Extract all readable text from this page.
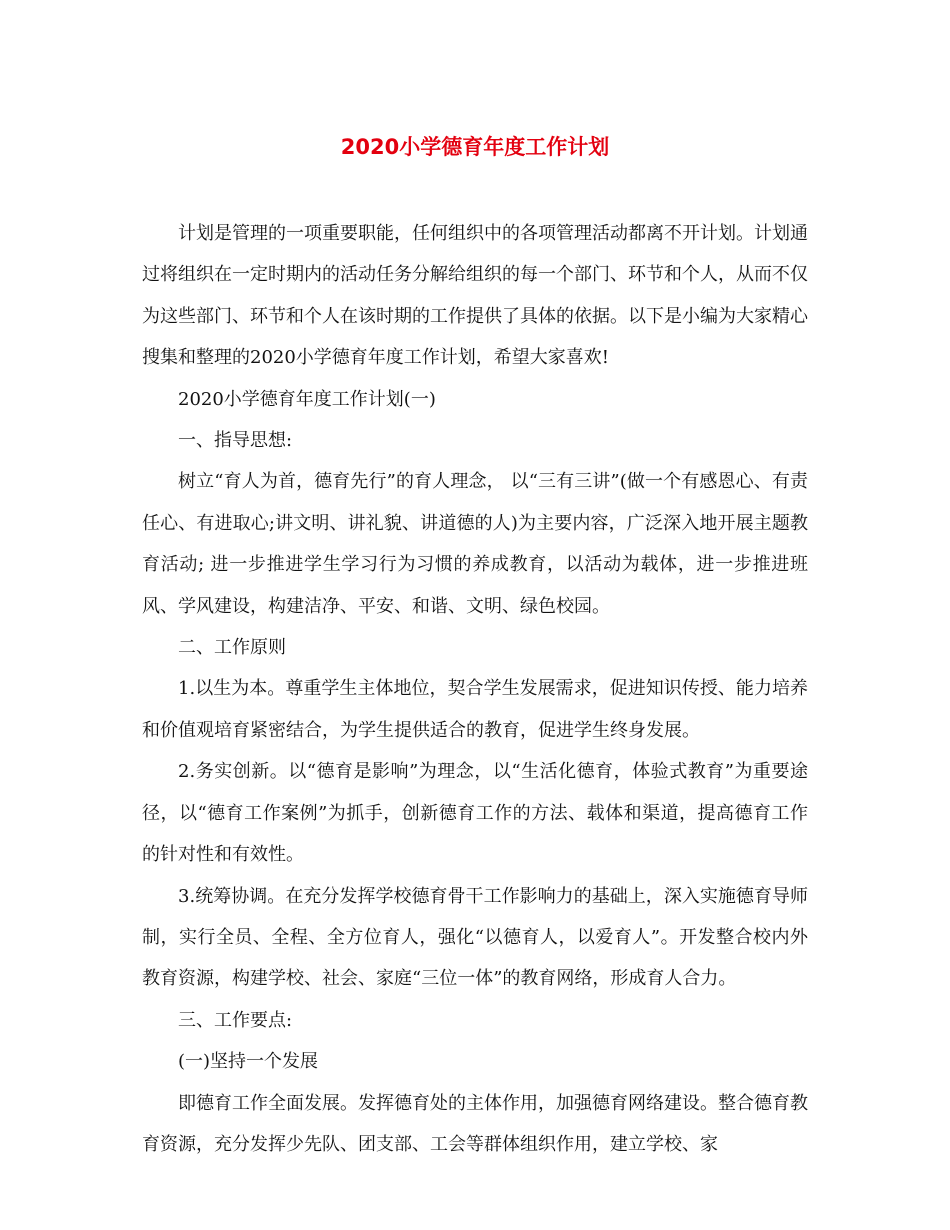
2020小学德育年度工作计划

计划是管理的一项重要职能，任何组织中的各项管理活动都离不开计划。计划通过将组织在一定时期内的活动任务分解给组织的每一个部门、环节和个人，从而不仅为这些部门、环节和个人在该时期的工作提供了具体的依据。以下是小编为大家精心搜集和整理的2020小学德育年度工作计划，希望大家喜欢!

2020小学德育年度工作计划(一)

一、指导思想:

树立“育人为首，德育先行”的育人理念， 以“三有三讲”(做一个有感恩心、有责任心、有进取心;讲文明、讲礼貌、讲道德的人)为主要内容，广泛深入地开展主题教育活动; 进一步推进学生学习行为习惯的养成教育，以活动为载体，进一步推进班风、学风建设，构建洁净、平安、和谐、文明、绿色校园。

二、工作原则

1.以生为本。尊重学生主体地位，契合学生发展需求，促进知识传授、能力培养和价值观培育紧密结合，为学生提供适合的教育，促进学生终身发展。

2.务实创新。以“德育是影响”为理念，以“生活化德育，体验式教育”为重要途径，以“德育工作案例”为抓手，创新德育工作的方法、载体和渠道，提高德育工作的针对性和有效性。

3.统筹协调。在充分发挥学校德育骨干工作影响力的基础上，深入实施德育导师制，实行全员、全程、全方位育人，强化“以德育人，以爱育人”。开发整合校内外教育资源，构建学校、社会、家庭“三位一体”的教育网络，形成育人合力。

三、工作要点:

(一)坚持一个发展

即德育工作全面发展。发挥德育处的主体作用，加强德育网络建设。整合德育教育资源，充分发挥少先队、团支部、工会等群体组织作用，建立学校、家
